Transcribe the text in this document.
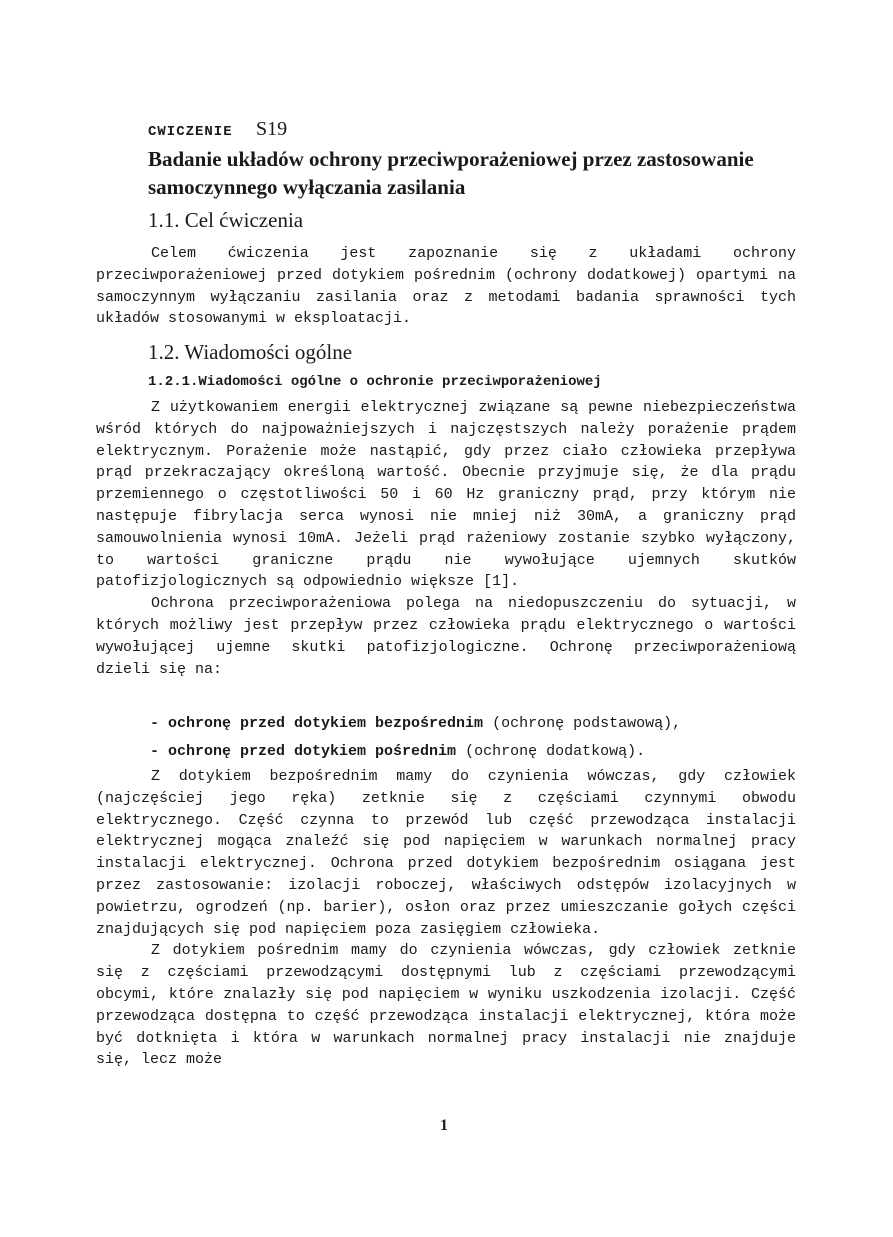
CWICZENIE S19
Badanie układów ochrony przeciwporażeniowej przez zastosowanie
samoczynnego wyłączania zasilania
1.1. Cel ćwiczenia

Celem ćwiczenia jest zapoznanie się z układami ochrony przeciwporażeniowej przed dotykiem pośrednim (ochrony dodatkowej) opartymi na samoczynnym wyłączaniu zasilania oraz z metodami badania sprawności tych układów stosowanymi w eksploatacji.

1.2. Wiadomości ogólne
1.2.1.Wiadomości ogólne o ochronie przeciwporażeniowej

Z użytkowaniem energii elektrycznej związane są pewne niebezpieczeństwa wśród których do najpoważniejszych i najczęstszych należy porażenie prądem elektrycznym. Porażenie może nastąpić, gdy przez ciało człowieka przepływa prąd przekraczający określoną wartość. Obecnie przyjmuje się, że dla prądu przemiennego o częstotliwości 50 i 60 Hz graniczny prąd, przy którym nie następuje fibrylacja serca wynosi nie mniej niż 30mA, a graniczny prąd samouwolnienia wynosi 10mA. Jeżeli prąd rażeniowy zostanie szybko wyłączony, to wartości graniczne prądu nie wywołujące ujemnych skutków patofizjologicznych są odpowiednio większe [1].

Ochrona przeciwporażeniowa polega na niedopuszczeniu do sytuacji, w których możliwy jest przepływ przez człowieka prądu elektrycznego o wartości wywołującej ujemne skutki patofizjologiczne. Ochronę przeciwporażeniową dzieli się na:

- ochronę przed dotykiem bezpośrednim (ochronę podstawową),
- ochronę przed dotykiem pośrednim (ochronę dodatkową).

Z dotykiem bezpośrednim mamy do czynienia wówczas, gdy człowiek (najczęściej jego ręka) zetknie się z częściami czynnymi obwodu elektrycznego. Część czynna to przewód lub część przewodząca instalacji elektrycznej mogąca znaleźć się pod napięciem w warunkach normalnej pracy instalacji elektrycznej. Ochrona przed dotykiem bezpośrednim osiągana jest przez zastosowanie: izolacji roboczej, właściwych odstępów izolacyjnych w powietrzu, ogrodzeń (np. barier), osłon oraz przez umieszczanie gołych części znajdujących się pod napięciem poza zasięgiem człowieka.

Z dotykiem pośrednim mamy do czynienia wówczas, gdy człowiek zetknie się z częściami przewodzącymi dostępnymi lub z częściami przewodzącymi obcymi, które znalazły się pod napięciem w wyniku uszkodzenia izolacji. Część przewodząca dostępna to część przewodząca instalacji elektrycznej, która może być dotknięta i która w warunkach normalnej pracy instalacji nie znajduje się, lecz może

1
